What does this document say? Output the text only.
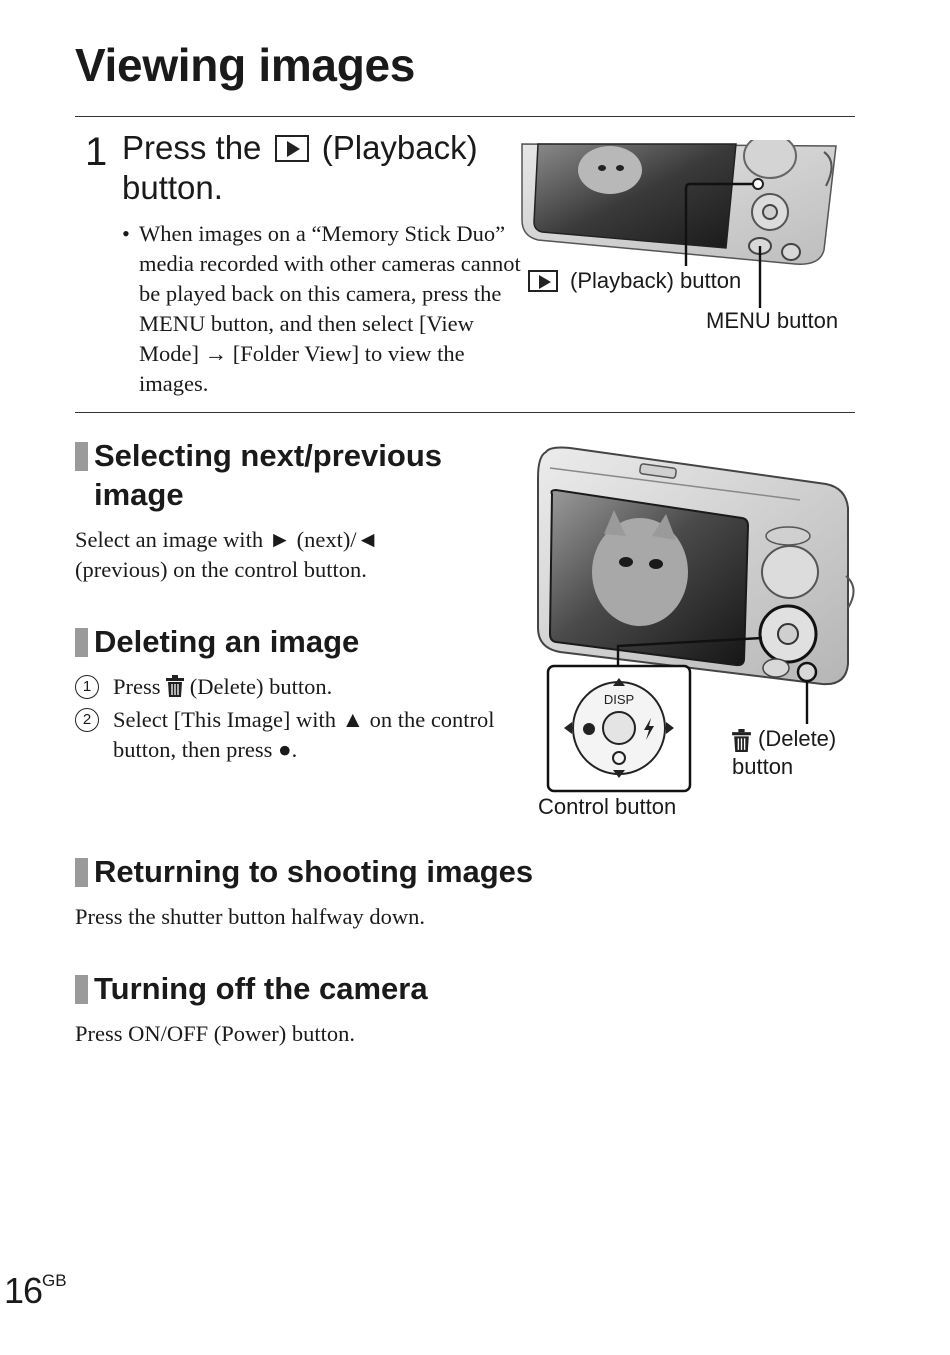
Viewing images
1 Press the (Playback) button.
• When images on a “Memory Stick Duo” media recorded with other cameras cannot be played back on this camera, press the MENU button, and then select [View Mode] → [Folder View] to view the images.
(Playback) button
MENU button
Selecting next/previous image
Select an image with ► (next)/◄ (previous) on the control button.
Deleting an image
1 Press (Delete) button.
2 Select [This Image] with ▲ on the control button, then press ●.
DISP
Control button
(Delete)
button
Returning to shooting images
Press the shutter button halfway down.
Turning off the camera
Press ON/OFF (Power) button.
$16^{GB}$
